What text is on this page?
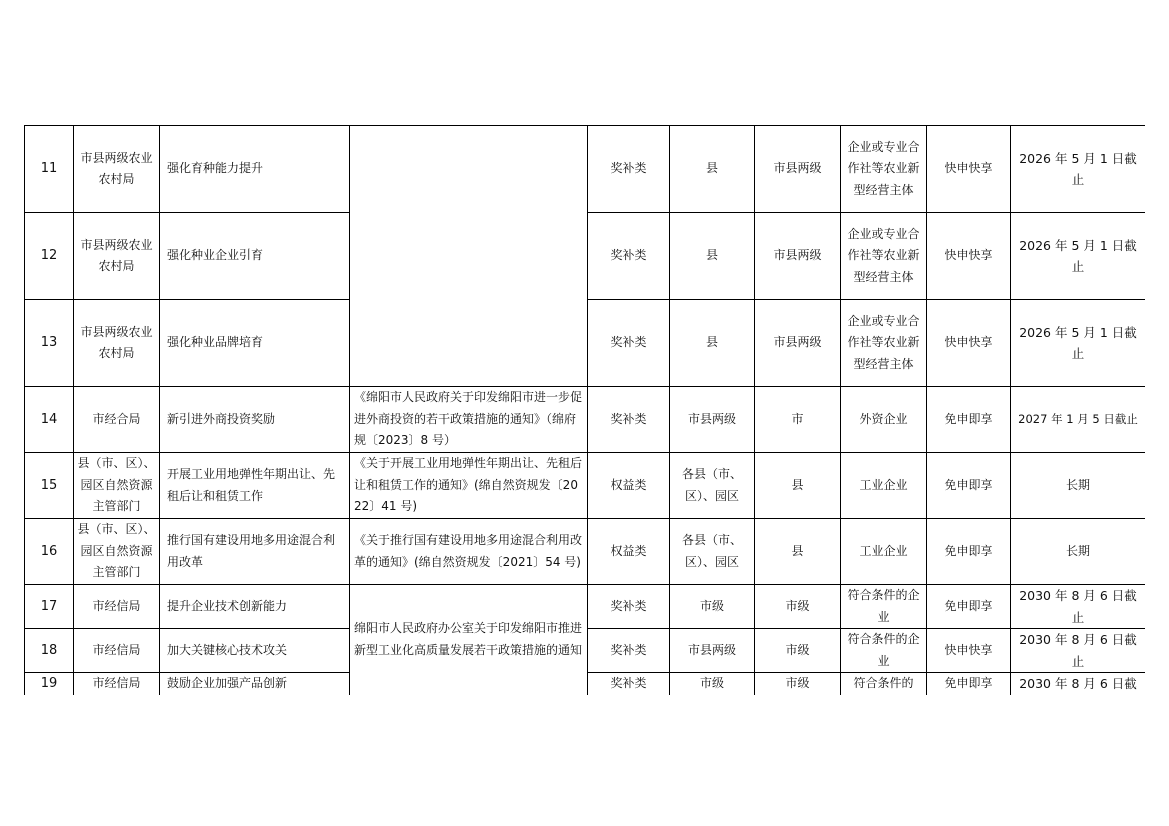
11	市县两级农业农村局	强化育种能力提升		奖补类	县	市县两级	企业或专业合作社等农业新型经营主体	快申快享	2026 年 5 月 1 日截止
12	市县两级农业农村局	强化种业企业引育		奖补类	县	市县两级	企业或专业合作社等农业新型经营主体	快申快享	2026 年 5 月 1 日截止
13	市县两级农业农村局	强化种业品牌培育		奖补类	县	市县两级	企业或专业合作社等农业新型经营主体	快申快享	2026 年 5 月 1 日截止
14	市经合局	新引进外商投资奖励	《绵阳市人民政府关于印发绵阳市进一步促进外商投资的若干政策措施的通知》（绵府规〔2023〕8 号）	奖补类	市县两级	市	外资企业	免申即享	2027 年 1 月 5 日截止
15	县（市、区）、园区自然资源主管部门	开展工业用地弹性年期出让、先租后让和租赁工作	《关于开展工业用地弹性年期出让、先租后让和租赁工作的通知》(绵自然资规发〔2022〕41 号)	权益类	各县（市、区）、园区	县	工业企业	免申即享	长期
16	县（市、区）、园区自然资源主管部门	推行国有建设用地多用途混合利用改革	《关于推行国有建设用地多用途混合利用改革的通知》(绵自然资规发〔2021〕54 号)	权益类	各县（市、区）、园区	县	工业企业	免申即享	长期
17	市经信局	提升企业技术创新能力	绵阳市人民政府办公室关于印发绵阳市推进新型工业化高质量发展若干政策措施的通知	奖补类	市级	市级	符合条件的企业	免申即享	2030 年 8 月 6 日截止
18	市经信局	加大关键核心技术攻关		奖补类	市县两级	市级	符合条件的企业	快申快享	2030 年 8 月 6 日截止
19	市经信局	鼓励企业加强产品创新		奖补类	市级	市级	符合条件的	免申即享	2030 年 8 月 6 日截
